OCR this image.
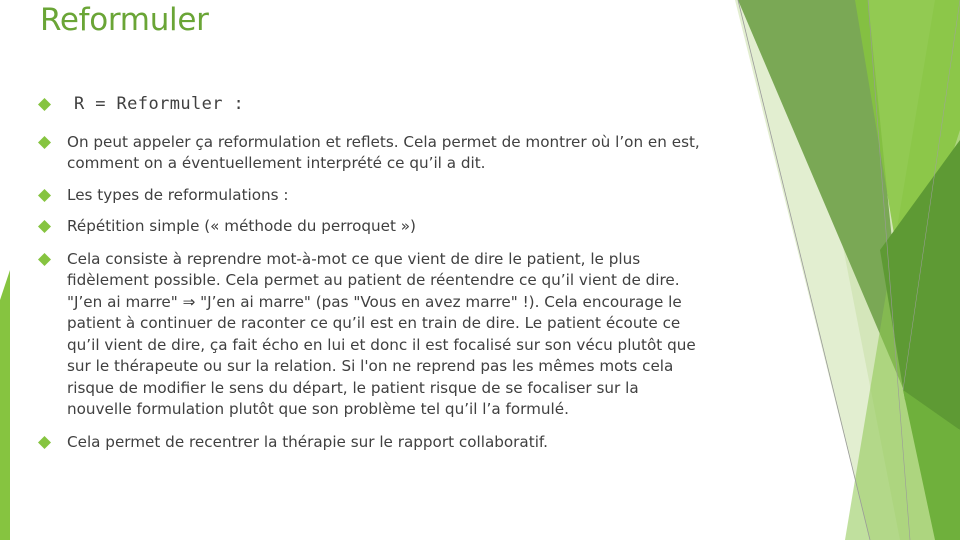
Reformuler
R = Reformuler :
On peut appeler ça reformulation et reflets. Cela permet de montrer où l’on en est, comment on a éventuellement interprété ce qu’il a dit.
Les types de reformulations :
Répétition simple (« méthode du perroquet »)
Cela consiste à reprendre mot-à-mot ce que vient de dire le patient, le plus fidèlement possible. Cela permet au patient de réentendre ce qu’il vient de dire. "J’en ai marre" ⇒ "J’en ai marre" (pas "Vous en avez marre" !). Cela encourage le patient à continuer de raconter ce qu’il est en train de dire. Le patient écoute ce qu’il vient de dire, ça fait écho en lui et donc il est focalisé sur son vécu plutôt que sur le thérapeute ou sur la relation. Si l'on ne reprend pas les mêmes mots cela risque de modifier le sens du départ, le patient risque de se focaliser sur la nouvelle formulation plutôt que son problème tel qu’il l’a formulé.
Cela permet de recentrer la thérapie sur le rapport collaboratif.
